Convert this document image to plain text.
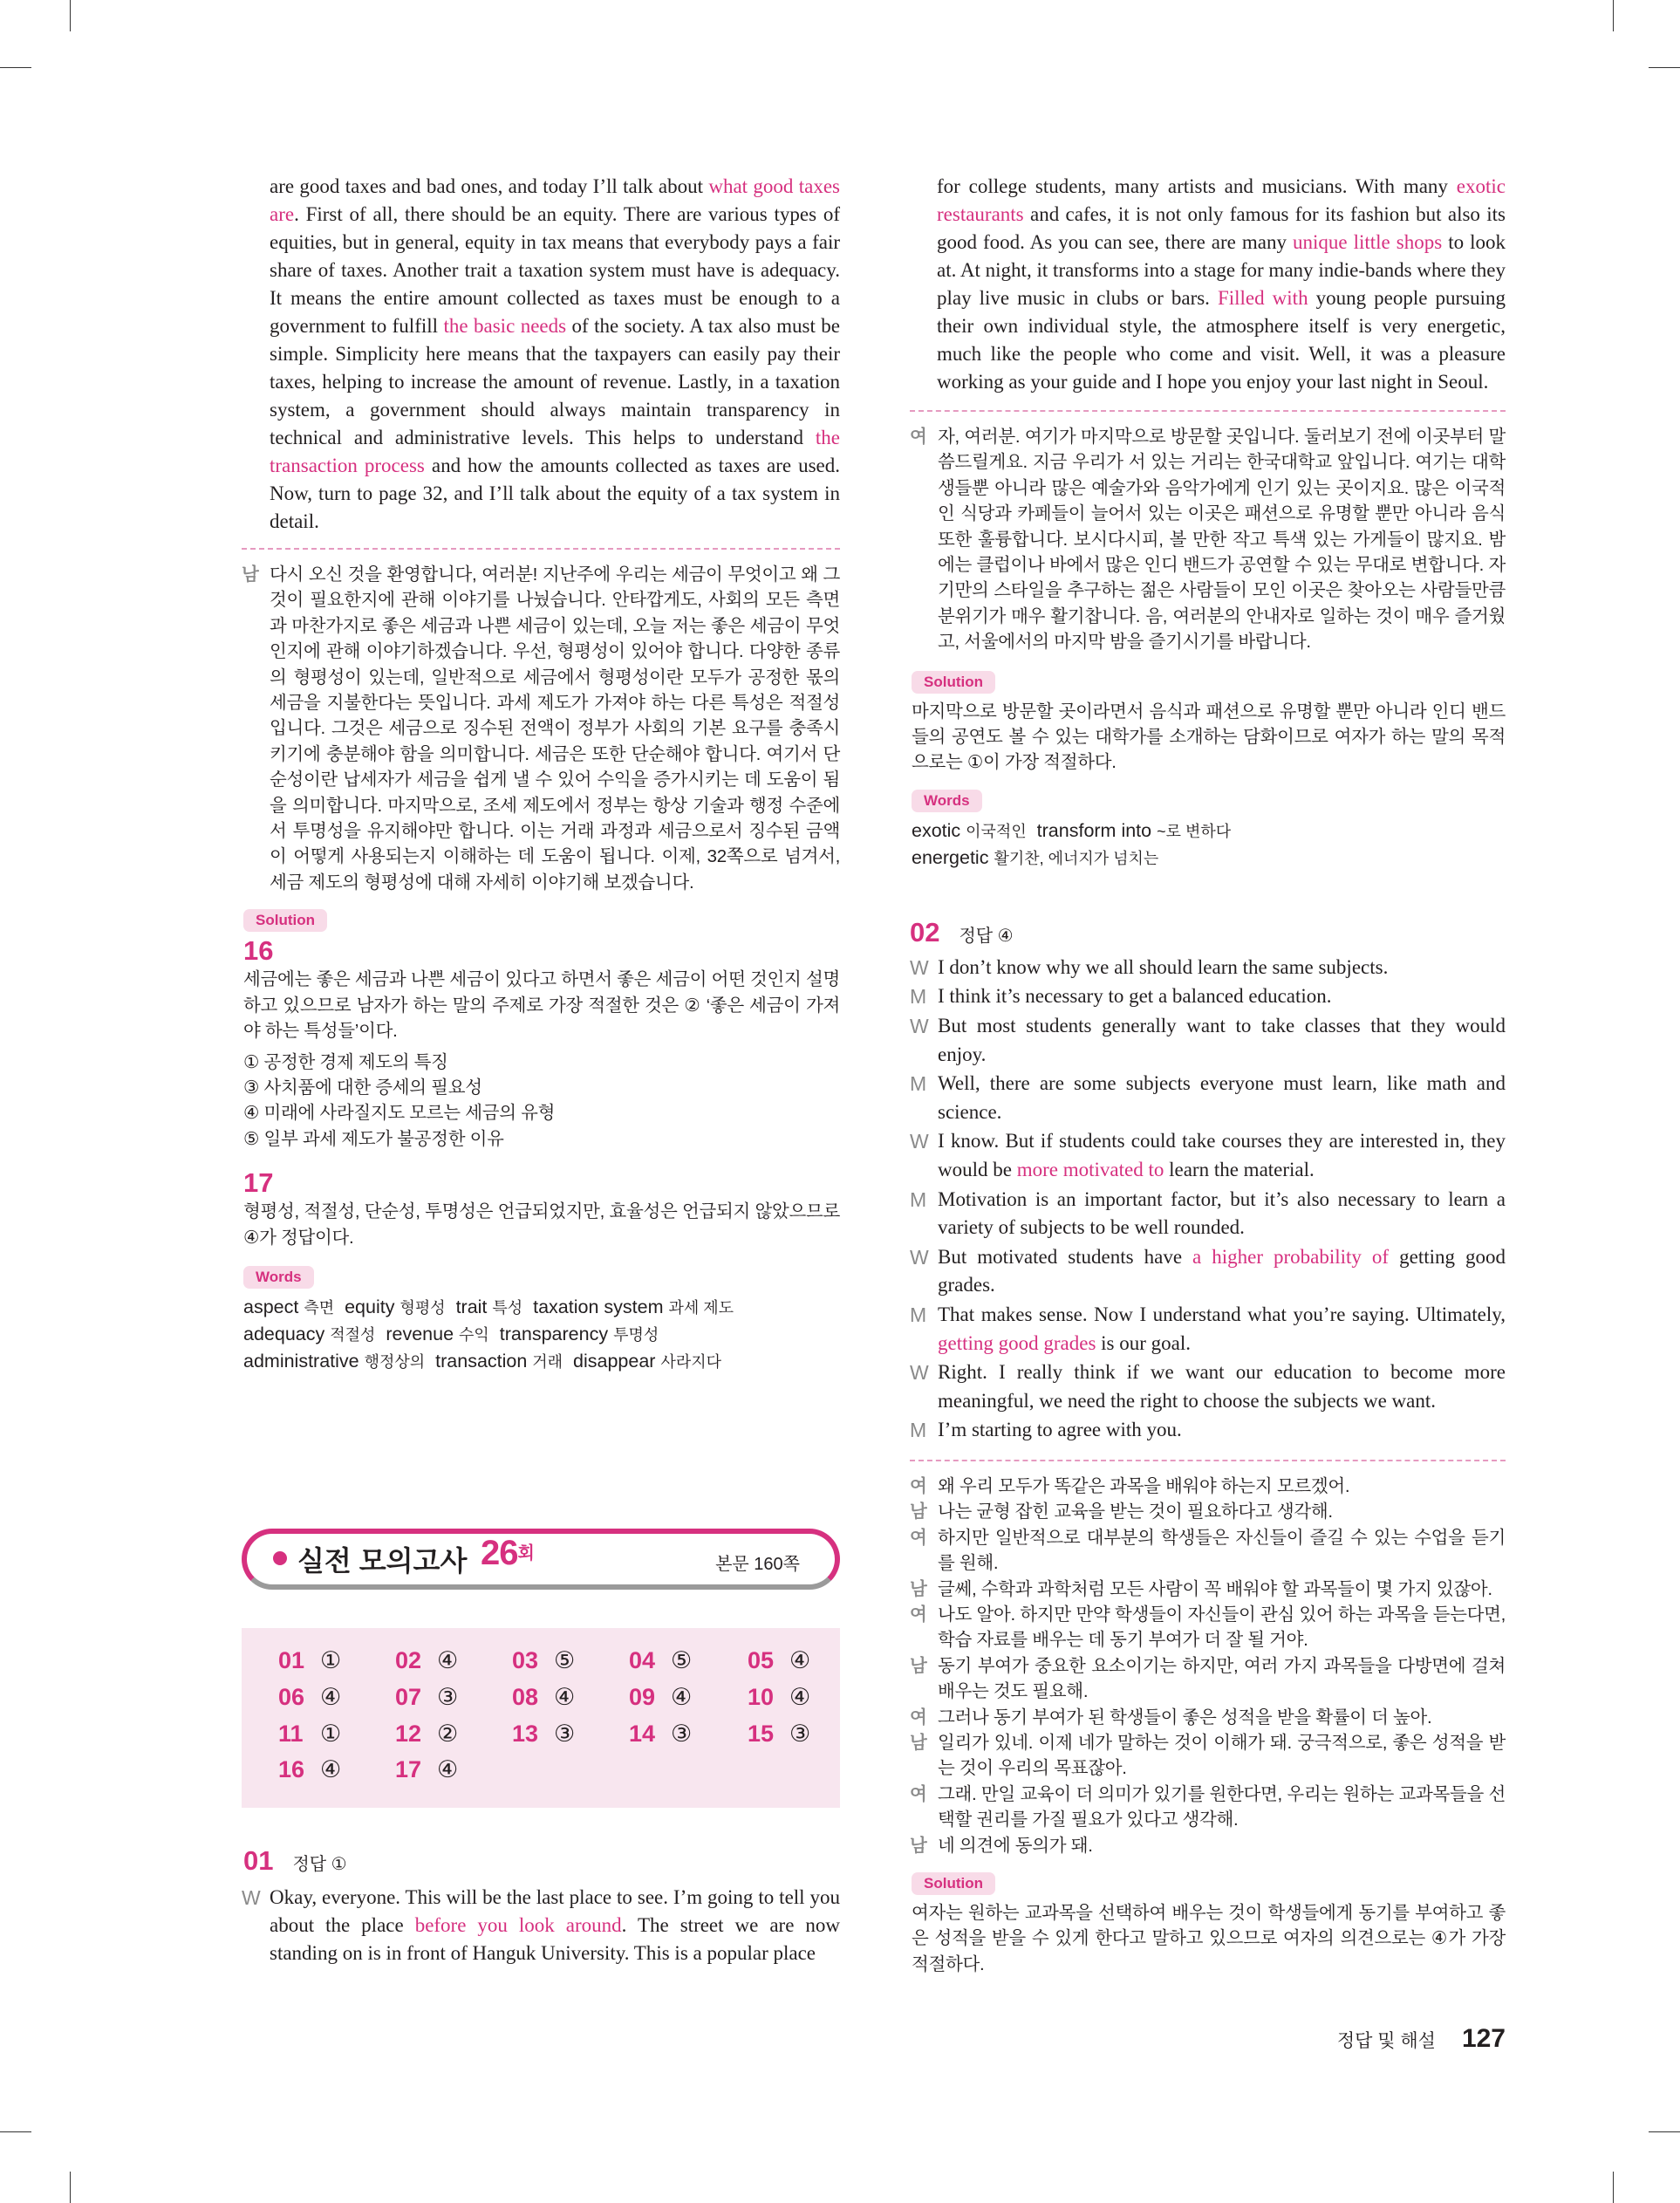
are good taxes and bad ones, and today I’ll talk about what good taxes are. First of all, there should be an equity. There are various types of equities, but in general, equity in tax means that everybody pays a fair share of taxes. Another trait a taxation system must have is adequacy. It means the entire amount collected as taxes must be enough to a government to fulfill the basic needs of the society. A tax also must be simple. Simplicity here means that the taxpayers can easily pay their taxes, helping to increase the amount of revenue. Lastly, in a taxation system, a government should always maintain transparency in technical and administrative levels. This helps to understand the transaction process and how the amounts collected as taxes are used. Now, turn to page 32, and I’ll talk about the equity of a tax system in detail.
남 다시 오신 것을 환영합니다, 여러분! 지난주에 우리는 세금이 무엇이고 왜 그것이 필요한지에 관해 이야기를 나눴습니다. 안타깝게도, 사회의 모든 측면과 마찬가지로 좋은 세금과 나쁜 세금이 있는데, 오늘 저는 좋은 세금이 무엇인지에 관해 이야기하겠습니다. 우선, 형평성이 있어야 합니다. 다양한 종류의 형평성이 있는데, 일반적으로 세금에서 형평성이란 모두가 공정한 몫의 세금을 지불한다는 뜻입니다. 과세 제도가 가져야 하는 다른 특성은 적절성입니다. 그것은 세금으로 징수된 전액이 정부가 사회의 기본 요구를 충족시키기에 충분해야 함을 의미합니다. 세금은 또한 단순해야 합니다. 여기서 단순성이란 납세자가 세금을 쉽게 낼 수 있어 수익을 증가시키는 데 도움이 됨을 의미합니다. 마지막으로, 조세 제도에서 정부는 항상 기술과 행정 수준에서 투명성을 유지해야만 합니다. 이는 거래 과정과 세금으로서 징수된 금액이 어떻게 사용되는지 이해하는 데 도움이 됩니다. 이제, 32쪽으로 넘겨서, 세금 제도의 형평성에 대해 자세히 이야기해 보겠습니다.
Solution
16
세금에는 좋은 세금과 나쁜 세금이 있다고 하면서 좋은 세금이 어떤 것인지 설명하고 있으므로 남자가 하는 말의 주제로 가장 적절한 것은 ② ‘좋은 세금이 가져야 하는 특성들’이다.
① 공정한 경제 제도의 특징
③ 사치품에 대한 증세의 필요성
④ 미래에 사라질지도 모르는 세금의 유형
⑤ 일부 과세 제도가 불공정한 이유
17
형평성, 적절성, 단순성, 투명성은 언급되었지만, 효율성은 언급되지 않았으므로 ④가 정답이다.
Words
aspect 측면 equity 형평성 trait 특성 taxation system 과세 제도
adequacy 적절성 revenue 수익 transparency 투명성
administrative 행정상의 transaction 거래 disappear 사라지다
실전 모의고사 $26^회$
본문 160쪽
01 ① 02 ④ 03 ⑤ 04 ⑤ 05 ④
06 ④ 07 ③ 08 ④ 09 ④ 10 ④
11 ① 12 ② 13 ③ 14 ③ 15 ③
16 ④ 17 ④
01 정답 ①
W Okay, everyone. This will be the last place to see. I’m going to tell you about the place before you look around. The street we are now standing on is in front of Hanguk University. This is a popular place
for college students, many artists and musicians. With many exotic restaurants and cafes, it is not only famous for its fashion but also its good food. As you can see, there are many unique little shops to look at. At night, it transforms into a stage for many indie-bands where they play live music in clubs or bars. Filled with young people pursuing their own individual style, the atmosphere itself is very energetic, much like the people who come and visit. Well, it was a pleasure working as your guide and I hope you enjoy your last night in Seoul.
여 자, 여러분. 여기가 마지막으로 방문할 곳입니다. 둘러보기 전에 이곳부터 말씀드릴게요. 지금 우리가 서 있는 거리는 한국대학교 앞입니다. 여기는 대학생들뿐 아니라 많은 예술가와 음악가에게 인기 있는 곳이지요. 많은 이국적인 식당과 카페들이 늘어서 있는 이곳은 패션으로 유명할 뿐만 아니라 음식 또한 훌륭합니다. 보시다시피, 볼 만한 작고 특색 있는 가게들이 많지요. 밤에는 클럽이나 바에서 많은 인디 밴드가 공연할 수 있는 무대로 변합니다. 자기만의 스타일을 추구하는 젊은 사람들이 모인 이곳은 찾아오는 사람들만큼 분위기가 매우 활기찹니다. 음, 여러분의 안내자로 일하는 것이 매우 즐거웠고, 서울에서의 마지막 밤을 즐기시기를 바랍니다.
Solution
마지막으로 방문할 곳이라면서 음식과 패션으로 유명할 뿐만 아니라 인디 밴드들의 공연도 볼 수 있는 대학가를 소개하는 담화이므로 여자가 하는 말의 목적으로는 ①이 가장 적절하다.
Words
exotic 이국적인 transform into ~로 변하다
energetic 활기찬, 에너지가 넘치는
02 정답 ④
W I don’t know why we all should learn the same subjects.
M I think it’s necessary to get a balanced education.
W But most students generally want to take classes that they would enjoy.
M Well, there are some subjects everyone must learn, like math and science.
W I know. But if students could take courses they are interested in, they would be more motivated to learn the material.
M Motivation is an important factor, but it’s also necessary to learn a variety of subjects to be well rounded.
W But motivated students have a higher probability of getting good grades.
M That makes sense. Now I understand what you’re saying. Ultimately, getting good grades is our goal.
W Right. I really think if we want our education to become more meaningful, we need the right to choose the subjects we want.
M I’m starting to agree with you.
여 왜 우리 모두가 똑같은 과목을 배워야 하는지 모르겠어.
남 나는 균형 잡힌 교육을 받는 것이 필요하다고 생각해.
여 하지만 일반적으로 대부분의 학생들은 자신들이 즐길 수 있는 수업을 듣기를 원해.
남 글쎄, 수학과 과학처럼 모든 사람이 꼭 배워야 할 과목들이 몇 가지 있잖아.
여 나도 알아. 하지만 만약 학생들이 자신들이 관심 있어 하는 과목을 듣는다면, 학습 자료를 배우는 데 동기 부여가 더 잘 될 거야.
남 동기 부여가 중요한 요소이기는 하지만, 여러 가지 과목들을 다방면에 걸쳐 배우는 것도 필요해.
여 그러나 동기 부여가 된 학생들이 좋은 성적을 받을 확률이 더 높아.
남 일리가 있네. 이제 네가 말하는 것이 이해가 돼. 궁극적으로, 좋은 성적을 받는 것이 우리의 목표잖아.
여 그래. 만일 교육이 더 의미가 있기를 원한다면, 우리는 원하는 교과목들을 선택할 권리를 가질 필요가 있다고 생각해.
남 네 의견에 동의가 돼.
Solution
여자는 원하는 교과목을 선택하여 배우는 것이 학생들에게 동기를 부여하고 좋은 성적을 받을 수 있게 한다고 말하고 있으므로 여자의 의견으로는 ④가 가장 적절하다.
정답 및 해설 127
